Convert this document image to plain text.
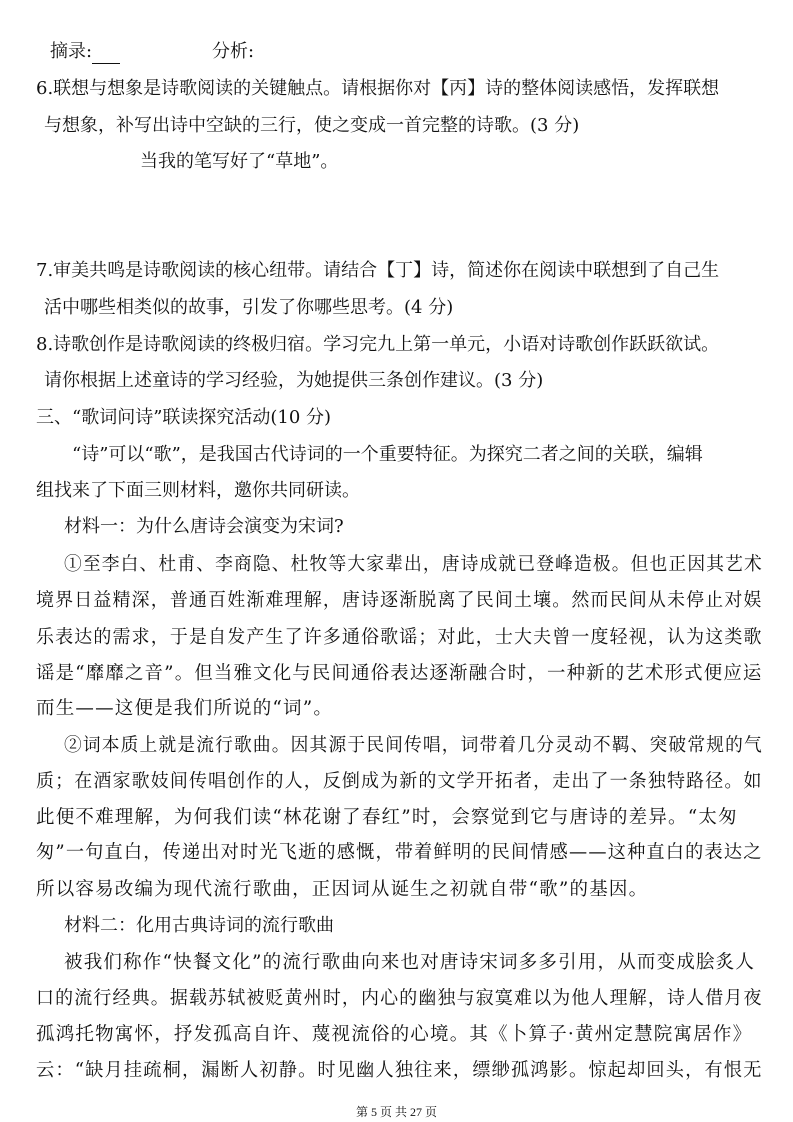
摘录:	分析:
6.联想与想象是诗歌阅读的关键触点。请根据你对【丙】诗的整体阅读感悟，发挥联想
与想象，补写出诗中空缺的三行，使之变成一首完整的诗歌。(3 分)
当我的笔写好了“草地”。
7.审美共鸣是诗歌阅读的核心纽带。请结合【丁】诗，简述你在阅读中联想到了自己生
活中哪些相类似的故事，引发了你哪些思考。(4 分)
8.诗歌创作是诗歌阅读的终极归宿。学习完九上第一单元，小语对诗歌创作跃跃欲试。
请你根据上述童诗的学习经验，为她提供三条创作建议。(3 分)
三、“歌词问诗”联读探究活动(10 分)
“诗”可以“歌”，是我国古代诗词的一个重要特征。为探究二者之间的关联，编辑
组找来了下面三则材料，邀你共同研读。
材料一：为什么唐诗会演变为宋词?
①至李白、杜甫、李商隐、杜牧等大家辈出，唐诗成就已登峰造极。但也正因其艺术
境界日益精深，普通百姓渐难理解，唐诗逐渐脱离了民间土壤。然而民间从未停止对娱
乐表达的需求，于是自发产生了许多通俗歌谣；对此，士大夫曾一度轻视，认为这类歌
谣是“靡靡之音”。但当雅文化与民间通俗表达逐渐融合时，一种新的艺术形式便应运
而生——这便是我们所说的“词”。
②词本质上就是流行歌曲。因其源于民间传唱，词带着几分灵动不羁、突破常规的气
质；在酒家歌妓间传唱创作的人，反倒成为新的文学开拓者，走出了一条独特路径。如
此便不难理解，为何我们读“林花谢了春红”时，会察觉到它与唐诗的差异。“太匆
匆”一句直白，传递出对时光飞逝的感慨，带着鲜明的民间情感——这种直白的表达之
所以容易改编为现代流行歌曲，正因词从诞生之初就自带“歌”的基因。
材料二：化用古典诗词的流行歌曲
被我们称作“快餐文化”的流行歌曲向来也对唐诗宋词多多引用，从而变成脍炙人
口的流行经典。据载苏轼被贬黄州时，内心的幽独与寂寞难以为他人理解，诗人借月夜
孤鸿托物寓怀，抒发孤高自许、蔑视流俗的心境。其《卜算子·黄州定慧院寓居作》
云：“缺月挂疏桐，漏断人初静。时见幽人独往来，缥缈孤鸿影。惊起却回头，有恨无
第 5 页 共 27 页
